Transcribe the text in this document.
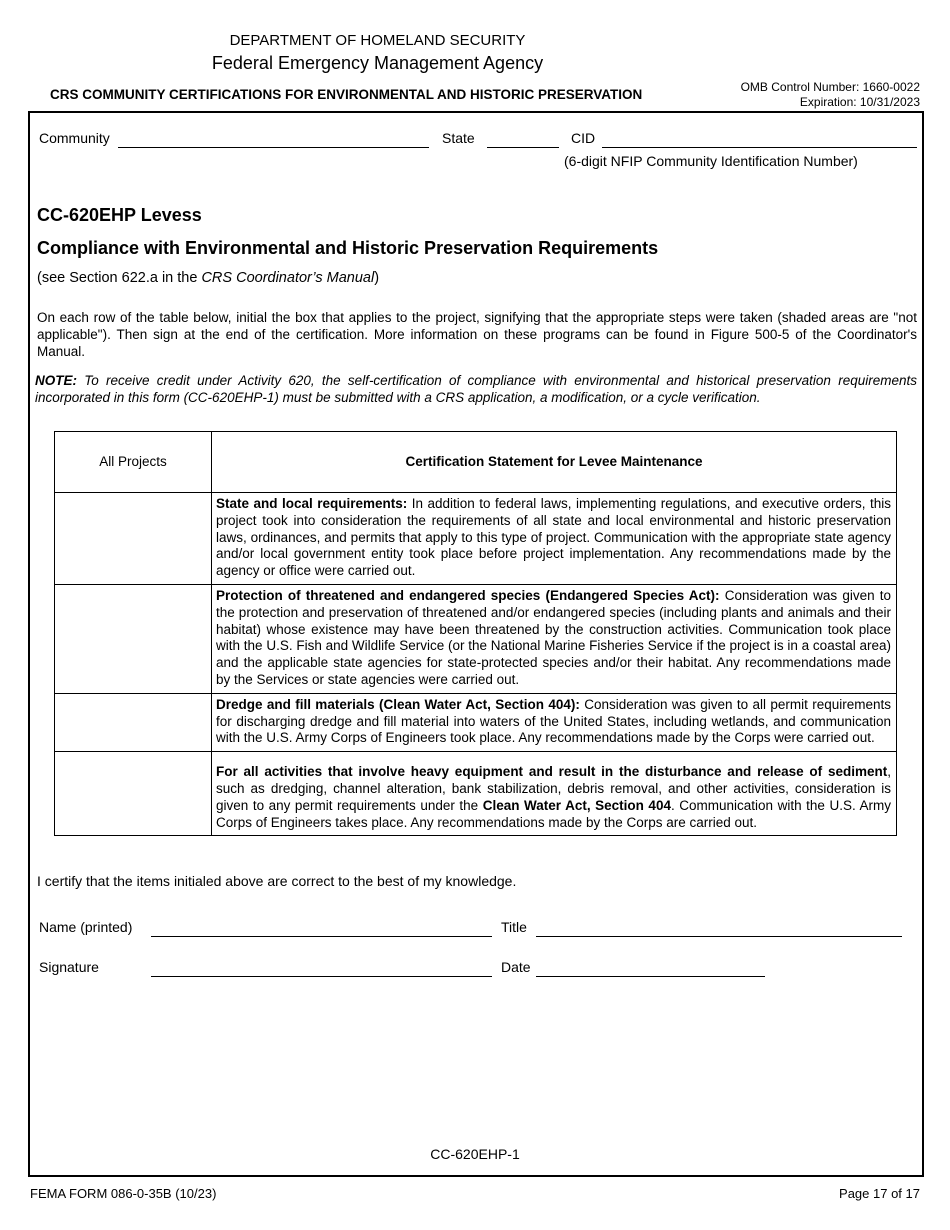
DEPARTMENT OF HOMELAND SECURITY
Federal Emergency Management Agency
CRS COMMUNITY CERTIFICATIONS FOR ENVIRONMENTAL AND HISTORIC PRESERVATION	OMB Control Number: 1660-0022
Expiration: 10/31/2023
Community	State	CID
(6-digit NFIP Community Identification Number)
CC-620EHP Levess
Compliance with Environmental and Historic Preservation Requirements
(see Section 622.a in the CRS Coordinator’s Manual)
On each row of the table below, initial the box that applies to the project, signifying that the appropriate steps were taken (shaded areas are "not applicable"). Then sign at the end of the certification. More information on these programs can be found in Figure 500-5 of the Coordinator's Manual.
NOTE: To receive credit under Activity 620, the self-certification of compliance with environmental and historical preservation requirements incorporated in this form (CC-620EHP-1) must be submitted with a CRS application, a modification, or a cycle verification.
All Projects	Certification Statement for Levee Maintenance
	State and local requirements: In addition to federal laws, implementing regulations, and executive orders, this project took into consideration the requirements of all state and local environmental and historic preservation laws, ordinances, and permits that apply to this type of project. Communication with the appropriate state agency and/or local government entity took place before project implementation. Any recommendations made by the agency or office were carried out.
	Protection of threatened and endangered species (Endangered Species Act): Consideration was given to the protection and preservation of threatened and/or endangered species (including plants and animals and their habitat) whose existence may have been threatened by the construction activities. Communication took place with the U.S. Fish and Wildlife Service (or the National Marine Fisheries Service if the project is in a coastal area) and the applicable state agencies for state-protected species and/or their habitat. Any recommendations made by the Services or state agencies were carried out.
	Dredge and fill materials (Clean Water Act, Section 404): Consideration was given to all permit requirements for discharging dredge and fill material into waters of the United States, including wetlands, and communication with the U.S. Army Corps of Engineers took place. Any recommendations made by the Corps were carried out.
	For all activities that involve heavy equipment and result in the disturbance and release of sediment, such as dredging, channel alteration, bank stabilization, debris removal, and other activities, consideration is given to any permit requirements under the Clean Water Act, Section 404. Communication with the U.S. Army Corps of Engineers takes place. Any recommendations made by the Corps are carried out.
I certify that the items initialed above are correct to the best of my knowledge.
Name (printed)	Title
Signature	Date
CC-620EHP-1
FEMA FORM 086-0-35B (10/23)	Page 17 of 17
